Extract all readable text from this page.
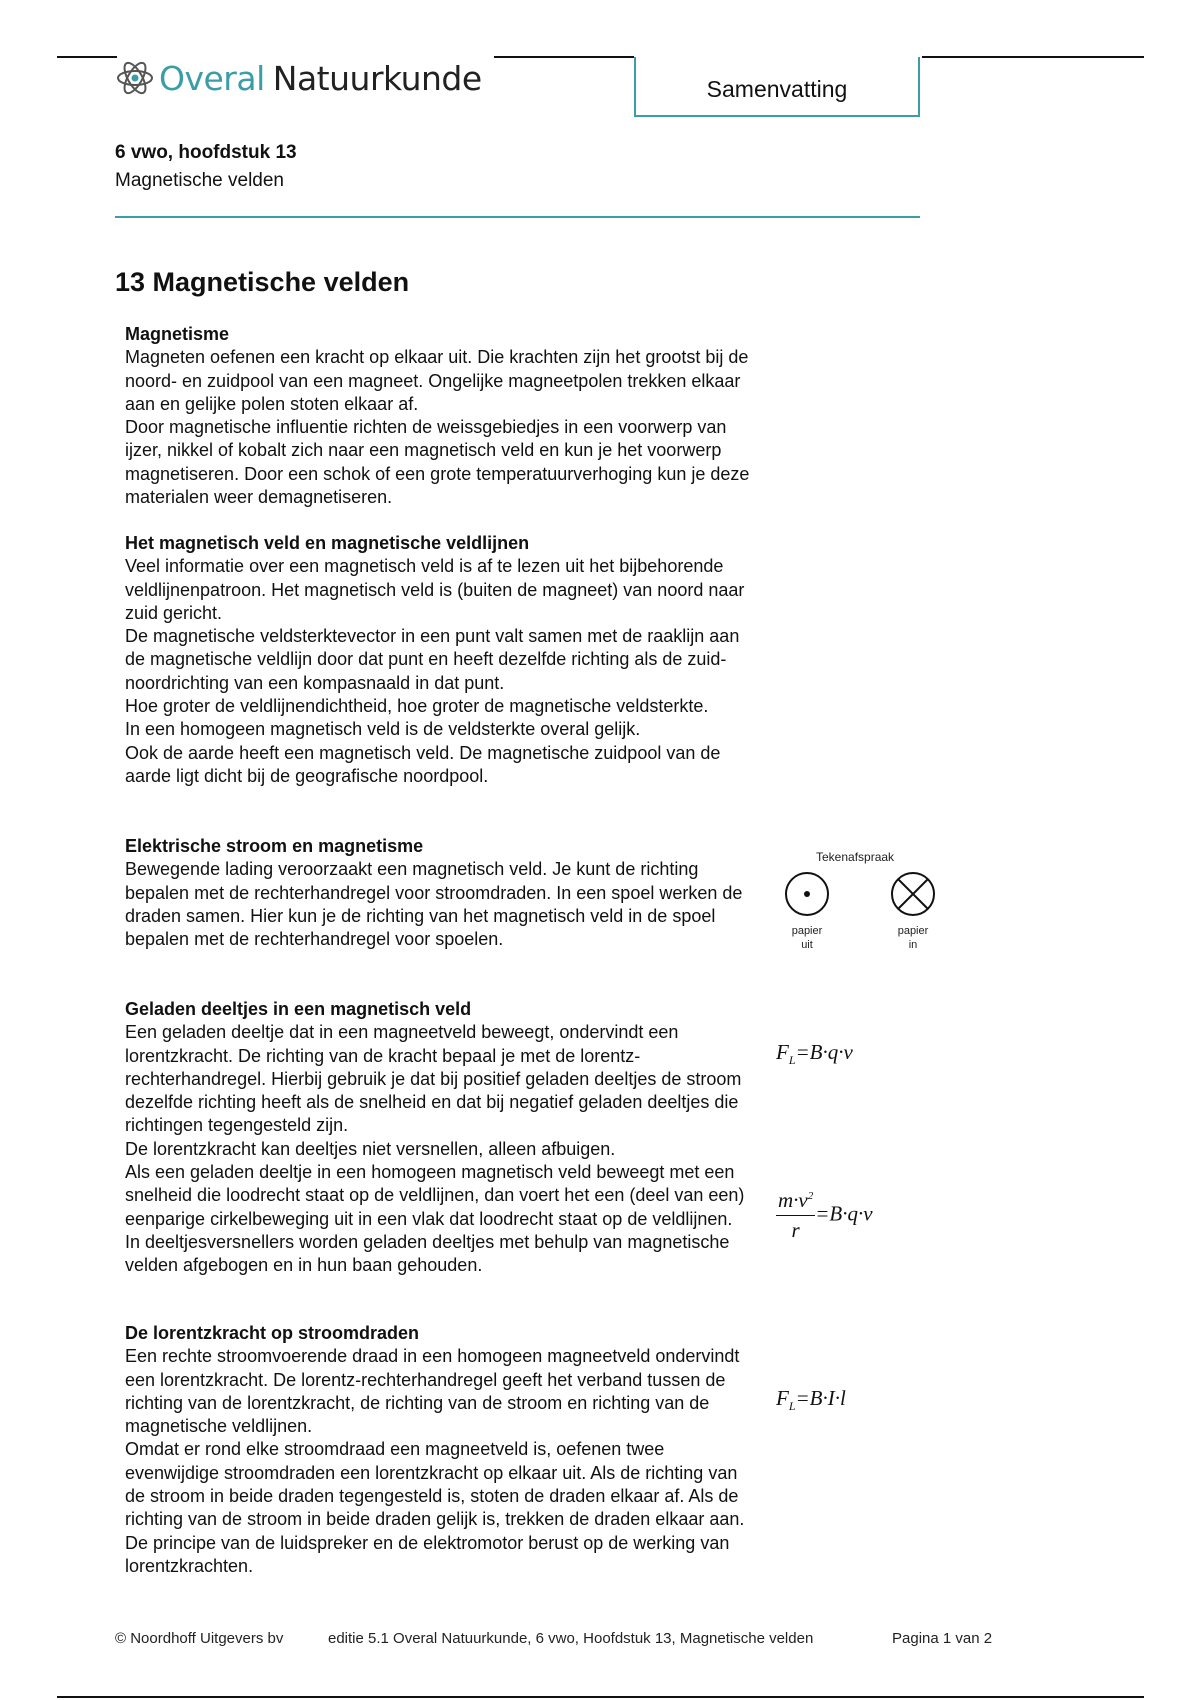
Overal Natuurkunde	Samenvatting
6 vwo, hoofdstuk 13
Magnetische velden
13 Magnetische velden
Magnetisme

Magneten oefenen een kracht op elkaar uit. Die krachten zijn het grootst bij de noord- en zuidpool van een magneet. Ongelijke magneetpolen trekken elkaar aan en gelijke polen stoten elkaar af.
Door magnetische influentie richten de weissgebiedjes in een voorwerp van ijzer, nikkel of kobalt zich naar een magnetisch veld en kun je het voorwerp magnetiseren. Door een schok of een grote temperatuurverhoging kun je deze materialen weer demagnetiseren.

Het magnetisch veld en magnetische veldlijnen

Veel informatie over een magnetisch veld is af te lezen uit het bijbehorende veldlijnenpatroon. Het magnetisch veld is (buiten de magneet) van noord naar zuid gericht.
De magnetische veldsterktevector in een punt valt samen met de raaklijn aan de magnetische veldlijn door dat punt en heeft dezelfde richting als de zuid-noordrichting van een kompasnaald in dat punt.
Hoe groter de veldlijnendichtheid, hoe groter de magnetische veldsterkte.
In een homogeen magnetisch veld is de veldsterkte overal gelijk.
Ook de aarde heeft een magnetisch veld. De magnetische zuidpool van de aarde ligt dicht bij de geografische noordpool.

Elektrische stroom en magnetisme

Bewegende lading veroorzaakt een magnetisch veld. Je kunt de richting bepalen met de rechterhandregel voor stroomdraden. In een spoel werken de draden samen. Hier kun je de richting van het magnetisch veld in de spoel bepalen met de rechterhandregel voor spoelen.

Geladen deeltjes in een magnetisch veld

Een geladen deeltje dat in een magneetveld beweegt, ondervindt een lorentzkracht. De richting van de kracht bepaal je met de lorentz-rechterhandregel. Hierbij gebruik je dat bij positief geladen deeltjes de stroom dezelfde richting heeft als de snelheid en dat bij negatief geladen deeltjes die richtingen tegengesteld zijn.
De lorentzkracht kan deeltjes niet versnellen, alleen afbuigen.
Als een geladen deeltje in een homogeen magnetisch veld beweegt met een snelheid die loodrecht staat op de veldlijnen, dan voert het een (deel van een) eenparige cirkelbeweging uit in een vlak dat loodrecht staat op de veldlijnen.
In deeltjesversnellers worden geladen deeltjes met behulp van magnetische velden afgebogen en in hun baan gehouden.

De lorentzkracht op stroomdraden

Een rechte stroomvoerende draad in een homogeen magneetveld ondervindt een lorentzkracht. De lorentz-rechterhandregel geeft het verband tussen de richting van de lorentzkracht, de richting van de stroom en richting van de magnetische veldlijnen.
Omdat er rond elke stroomdraad een magneetveld is, oefenen twee evenwijdige stroomdraden een lorentzkracht op elkaar uit. Als de richting van de stroom in beide draden tegengesteld is, stoten de draden elkaar af. Als de richting van de stroom in beide draden gelijk is, trekken de draden elkaar aan.
De principe van de luidspreker en de elektromotor berust op de werking van lorentzkrachten.

Tekenafspraak
papier
uit
papier
in
$F_L=B\cdot q\cdot v$
$\frac{m\cdot v^2}{r} =B\cdot q\cdot v$
$F_L=B\cdot I\cdot l$
© Noordhoff Uitgevers bv	editie 5.1 Overal Natuurkunde, 6 vwo, Hoofdstuk 13, Magnetische velden	Pagina 1 van 2
